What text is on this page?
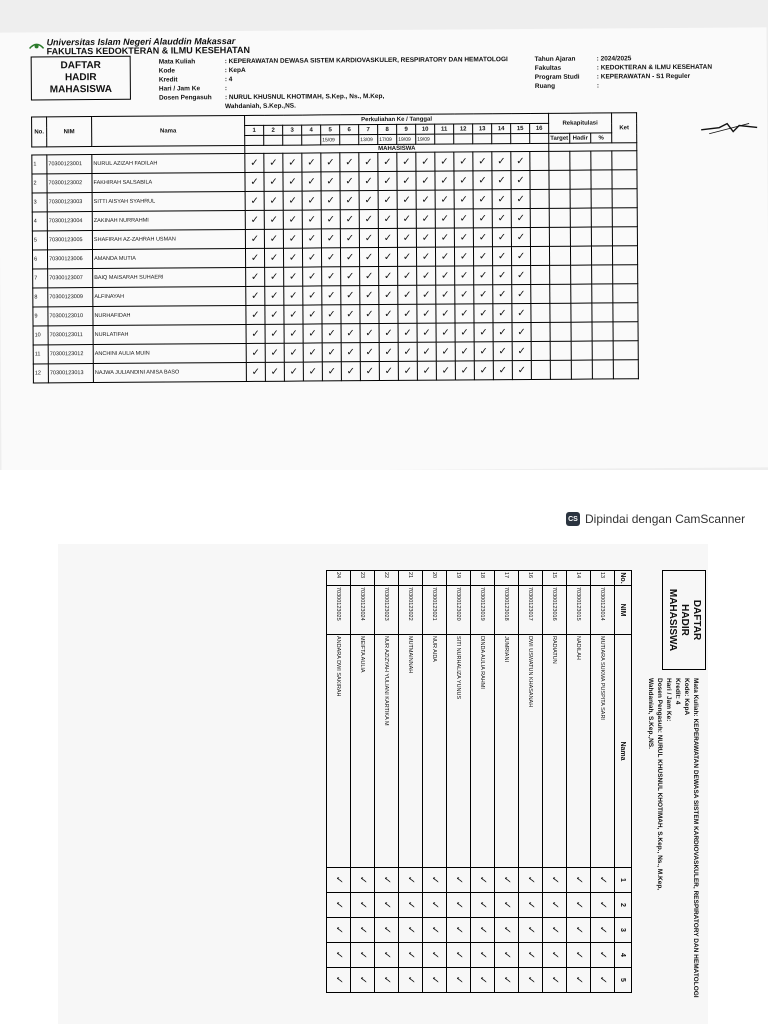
Universitas Islam Negeri Alauddin Makassar
FAKULTAS KEDOKTERAN & ILMU KESEHATAN
DAFTAR
HADIR
MAHASISWA
Mata Kuliah	: KEPERAWATAN DEWASA SISTEM KARDIOVASKULER, RESPIRATORY DAN HEMATOLOGI
Kode	: KepA
Kredit	: 4
Hari / Jam Ke	:
Dosen Pengasuh : NURUL KHUSNUL KHOTIMAH, S.Kep., Ns., M.Kep,
Wahdaniah, S.Kep.,NS.
Tahun Ajaran	: 2024/2025
Fakultas	: KEDOKTERAN & ILMU KESEHATAN
Program Studi	: KEPERAWATAN - S1 Reguler
Ruang	:
No.	NIM	Nama	Perkuliahan Ke / Tanggal																Rekapitulasi			Ket
			1	2	3	4	5	6	7	8	9	10	11	12	13	14	15	16				
							15/09		13/09	17/09	19/09	19/09							Target	Hadir	%	
			MAHASISWA																			
1	70300123001	NURUL AZIZAH FADILAH	✓	✓	✓	✓	✓	✓	✓	✓	✓	✓	✓	✓	✓	✓	✓					
2	70300123002	FAKHIRAH SALSABILA	✓	✓	✓	✓	✓	✓	✓	✓	✓	✓	✓	✓	✓	✓	✓					
3	70300123003	SITTI AISYAH SYAHRUL	✓	✓	✓	✓	✓	✓	✓	✓	✓	✓	✓	✓	✓	✓	✓					
4	70300123004	ZAKINAH NURRAHMI	✓	✓	✓	✓	✓	✓	✓	✓	✓	✓	✓	✓	✓	✓	✓					
5	70300123005	SHAFIRAH AZ-ZAHRAH USMAN	✓	✓	✓	✓	✓	✓	✓	✓	✓	✓	✓	✓	✓	✓	✓					
6	70300123006	AMANDA MUTIA	✓	✓	✓	✓	✓	✓	✓	✓	✓	✓	✓	✓	✓	✓	✓					
7	70300123007	BAIQ MAISARAH SUHAERI	✓	✓	✓	✓	✓	✓	✓	✓	✓	✓	✓	✓	✓	✓	✓					
8	70300123009	ALFINAYAH	✓	✓	✓	✓	✓	✓	✓	✓	✓	✓	✓	✓	✓	✓	✓					
9	70300123010	NURHAFIDAH	✓	✓	✓	✓	✓	✓	✓	✓	✓	✓	✓	✓	✓	✓	✓					
10	70300123011	NURLATIFAH	✓	✓	✓	✓	✓	✓	✓	✓	✓	✓	✓	✓	✓	✓	✓					
11	70300123012	ANCHINI AULIA MUIN	✓	✓	✓	✓	✓	✓	✓	✓	✓	✓	✓	✓	✓	✓	✓					
12	70300123013	NAJWA JULIANDINI ANISA BASO	✓	✓	✓	✓	✓	✓	✓	✓	✓	✓	✓	✓	✓	✓	✓					
CS Dipindai dengan CamScanner
DAFTAR
HADIR
MAHASISWA
Mata Kuliah: KEPERAWATAN DEWASA SISTEM KARDIOVASKULER, RESPIRATORY DAN HEMATOLOGI
Kode: KepA
Kredit: 4
Hari / Jam Ke:
Dosen Pengasuh: NURUL KHUSNUL KHOTIMAH, S.Kep., Ns., M.Kep,
Wahdaniah, S.Kep.,NS.
No.	NIM	Nama	1	2	3	4	5
13	70300123014	MUTIARA SUKMA PUSPITA SARI	✓	✓	✓	✓	✓
14	70300123015	NADILAH	✓	✓	✓	✓	✓
15	70300123016	RADIATUN	✓	✓	✓	✓	✓
16	70300123017	DWI USWATUN KHASANAH	✓	✓	✓	✓	✓
17	70300123018	JUMRIANI	✓	✓	✓	✓	✓
18	70300123019	DINDA AULIA RAHMI	✓	✓	✓	✓	✓
19	70300123020	SITI NURHALIZA YUNUS	✓	✓	✓	✓	✓
20	70300123021	NUR AIDA	✓	✓	✓	✓	✓
21	70300123022	MUTMAINNAH	✓	✓	✓	✓	✓
22	70300123023	NUR AZIZYAH YULIANI KARTIKA M	✓	✓	✓	✓	✓
23	70300123024	MEIFTA AULIA	✓	✓	✓	✓	✓
24	70300123025	ANDARA DWI SAKIRAH	✓	✓	✓	✓	✓
